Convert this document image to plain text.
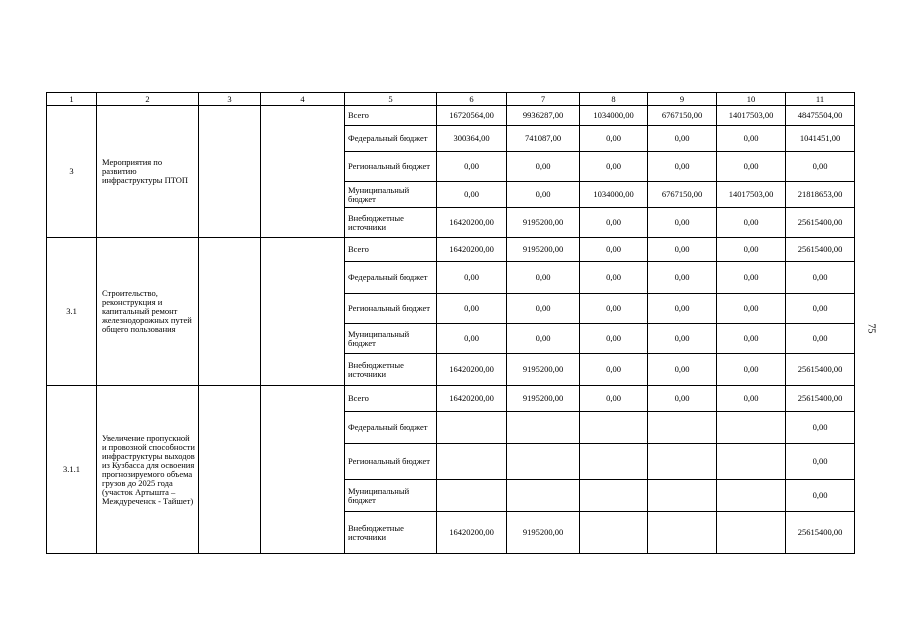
1	2	3	4	5	6	7	8	9	10	11
3	Мероприятия по развитию инфраструктуры ПТОП			Всего	16720564,00	9936287,00	1034000,00	6767150,00	14017503,00	48475504,00
				Федеральный бюджет	300364,00	741087,00	0,00	0,00	0,00	1041451,00
				Региональный бюджет	0,00	0,00	0,00	0,00	0,00	0,00
				Муниципальный бюджет	0,00	0,00	1034000,00	6767150,00	14017503,00	21818653,00
				Внебюджетные источники	16420200,00	9195200,00	0,00	0,00	0,00	25615400,00
3.1	Строительство, реконструкция и капитальный ремонт железнодорожных путей общего пользования			Всего	16420200,00	9195200,00	0,00	0,00	0,00	25615400,00
				Федеральный бюджет	0,00	0,00	0,00	0,00	0,00	0,00
				Региональный бюджет	0,00	0,00	0,00	0,00	0,00	0,00
				Муниципальный бюджет	0,00	0,00	0,00	0,00	0,00	0,00
				Внебюджетные источники	16420200,00	9195200,00	0,00	0,00	0,00	25615400,00
3.1.1	Увеличение пропускной и провозной способности инфраструктуры выходов из Кузбасса для освоения прогнозируемого объема грузов до 2025 года (участок Артышта – Междуреченск - Тайшет)			Всего	16420200,00	9195200,00	0,00	0,00	0,00	25615400,00
				Федеральный бюджет						0,00
				Региональный бюджет						0,00
				Муниципальный бюджет						0,00
				Внебюджетные источники	16420200,00	9195200,00				25615400,00
75
